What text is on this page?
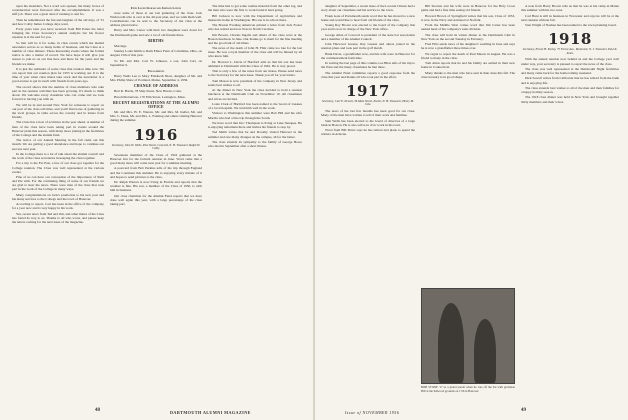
upon his shoulders. Not a word was spoken, but many brows of consideration were furrowed after the accomplishment. It was a stiff job. There was a great deal of running to and fro.

Then he remembered the fun and laughter of the old days, of '15 and how Colby James College days went.

Forty years later you have received from Bill Potter the letter bringing the Class Secretary's annual analysis but his flower expense is at the end for you.

So that will be it for some, in class events which the mailed newsletter serves as so many items of business, and the Class at a number of class dinners. These interesting events where the formal notice is also a matter of record. We have hope it will give you reason to join us on our line here and there for the years and the friends we make.

It is just the reminder of some class that reunion time now. We can report that our reunion plan for 1955 is working out. It is the time of year when class mates take stock and the newsletter is a good excuse to get in touch with friends from years ago.

The record shows that the number of class members who take part in the reunion activities has been growing. It's much to think about. We welcome every classmate who can come and we look forward to having you with us.

We will be in and around New York for someone to report on our part of the class activities, and you'll find notes of gathering in the local groups, in talks across the country and in letters from friends.

The Class has a host of activities in the year ahead. A number of men of the class have been taking part in events around the Hanover plain this season, with many more joining in the festivities of the College and the alumni fund.

The notice of our Annual Meeting in the fall came out this month. We are getting a good attendance and hope to continue our success next year.

In the College there is a lot of talk about the alumni council and the work of the class secretaries in keeping the class together.

For a trip to the Far East, a few of our class got together for the College reunion. The Class was well represented at the various events.

Fine of us can have our conception of the importance of Rum and Pie with. For the continuing thing of some of our friends we are glad to hear the news. There were men of the class that took part in the work of the College in many ways.

Many congratulations on Jack's promotion to his new post and his many services to the College and the town of Hanover.

According to report, Carl has been in the office of the company for a year now and is very happy in his work.

Yes, recent news from Ted and Jim, and other mates of the Class has found its way to us. Thanks to all who wrote, and please keep the letters coming for the next issue of the magazine.

Fenn Lloyd Ingram and Johnson Lavens

were some of those at our last gathering of the class. Jack Wadsworth who is over at the 40-year plan, and we wish them well. Contributions can be sent to the Secretary of the class at the address given below.

Harry and Mrs. Carter with their two daughters were down for the Dartmouth game and saw a lot of old friends there.

BIRTHS

Marriage

Stanley Louis Smith to Ruth Elinor Fenn of Columbus, Ohio, on August 15th of this year.

To Mr. and Mrs. Carl W. Johnson, a son, John Carl, on September 6.

Engagements

Harry Wells Lee to Mary Elizabeth Shaw, daughter of Mr. and Mrs. Philip Shaw of Portland, Maine, September 4, 1956.

CHANGE OF ADDRESS

Bert R. Harris, 78 Ship Street, New Haven, Conn.

Harold Robertson, 170 Elm Street, Lexington, Mass.

RECENT REGISTRATIONS AT THE ALUMNI OFFICE

Mr. and Mrs. H. E. Warren, Mr. and Mrs. M. Keller, Mr. and Mrs. C. Dana, Mr. and Mrs. L. Fanning and others visiting Hanover during the summer.

1916
Secretary, John W. Wells, Pine Street, Concord, N. H. Treasurer, Ralph W. Colby.

Seventeen members of the Class of 1916 gathered at the Hanover Inn for the fortieth reunion in June. Word came that a good many more will come next year for a summer meeting.

A postcard from Bob Perkins tells of his trip through England and the Continent this summer. He is enjoying every minute of it and hopes to send pictures to the class.

Dr. Ralph Warren is now living in Florida and reports that the weather is fine. His son, a member of the Class of 1950, is with him in business.

Our class chairman for the Alumni Fund reports that we have done well again this year, with a large percentage of the class taking part.

The time had to get some routine material from the other log, and the men who were the first to work found it hard going.

Bill Jackson is now with the Department of Agriculture and makes his home in Washington. His son is in school there.

The Boston Evening American printed a letter from Jack Foster who has retired and now lives in North Carolina.

Jim Bowen, Charles Ingalls and others of the class were at the Boston luncheon in June. Our thanks go to them for the fine meeting and the good talk of old times.

The news of the death of John H. Flint came too late for the last issue. He was a loyal member of the class and will be missed by all who knew him.

Dr. Howard L. Davis of Hartford tells us that his son has been admitted to Dartmouth with the Class of 1961. He is very proud.

That is only a few of the notes from our mates. Please send news to the Secretary for the next issue. Thank you all for your letters.

Tom Mason is now president of his company in New Jersey and sends best wishes to all.

At the dinner in New York the class decided to hold a reunion luncheon at the Dartmouth Club on November 10. All classmates and wives are invited.

Louis Clark of Hartford has been named to the board of trustees of a local hospital. We wish him well in the work.

Visitors to Washington this summer were Bob Hill and his wife Martha who had a fine trip through the South.

We have word that Doc Thompson is living at Lake Sunapee. He is enjoying retirement there and invites his friends to stop by.

Ted Smith writes that he and Dorothy visited Hanover in the summer and saw many changes on the campus, all for the better.

The class extends its sympathy to the family of George Howe who died in September after a short illness.

48	DARTMOUTH ALUMNI MAGAZINE

daughter of September, a recent issue of the Laconia Citizen had a story about our classmate and his service to the town.

Frank Gale of Portsmouth sends word that he has moved to a new home and would like to hear from old friends of the class.

Young Ray Brown was elected to the board of the company this year and is now in charge of the New York office.

George Allen of Concord is president of the state bar association and a member of the Alumni Council.

John Harwood Greene, Ray Greene and others joined in the reunion plans and took part in the golf match.

Hank Davis, a grandfather now, and his wife were in Hanover for the commencement festivities.

In writing the last page of this column, Les Bliss tells of his trip to the West and the many classmates he met there.

The Alumni Fund committee reports a good response from the class this year and thanks all who took part in the effort.

1917
Secretary, Carl E. Newell, 36 Main Street, Exeter, N. H. Treasurer, Henry M. Cole.

The news of the last few months has been good for our class. Many of the men have written to tell of their work and families.

Sam Wells has been elected to the board of directors of a large bank in Boston. He is also active in civic work in his town.

Word from Bill Davis says he has retired and plans to spend the winters in Arizona.

Bill Stevens and his wife were in Hanover for the Holy Cross game and had a fine time seeing old friends.

Howard Brown of Springfield writes that his son, Class of 1953, is now in the Navy and stationed at Norfolk.

From the Middle West comes word that Jim Carter has been named head of his company's sales division.

The class will hold its winter dinner at the Dartmouth Club in New York on the second Tuesday in February.

Fred Ellis sends news of his daughter's wedding in June and says he is now a grandfather three times over.

We regret to report the death of Paul Mason in August. He was a friend to many in the class.

Tom Allen reports that he and his family are settled in their new home in Connecticut.

Many thanks to the men who have sent in their dues this fall. The class treasury is in good shape.

BOB STONE '17 as a grand parent when he was off the bat with grandson Bill at the Kilwood grounds on 17th in Hanover.

A note from Harry Brown tells us that he was at his camp in Maine this summer with his two sons.

Carl Hunt is still in business in Worcester and says he will be at the next reunion without fail.

Stan Wright of Nashua has been named to the town planning board.

1918
Secretary, Ernest H. Earley, 75 Forest Ave., Montclair, N. J. Treasurer, Paul K. Jones.

With the annual reunion now behind us and the College year well under way, your secretary is pleased to report the news of the class.

The class was well represented at the Dartmouth Night festivities and many came back for the homecoming weekend.

Dick Sewall writes from California that he has retired from the bank and is enjoying life.

The class extends best wishes to all of the men and their families for a happy holiday season.

The 1918 class dinner was held in New York and brought together thirty members and their wives.

Issue of NOVEMBER 1956	49
